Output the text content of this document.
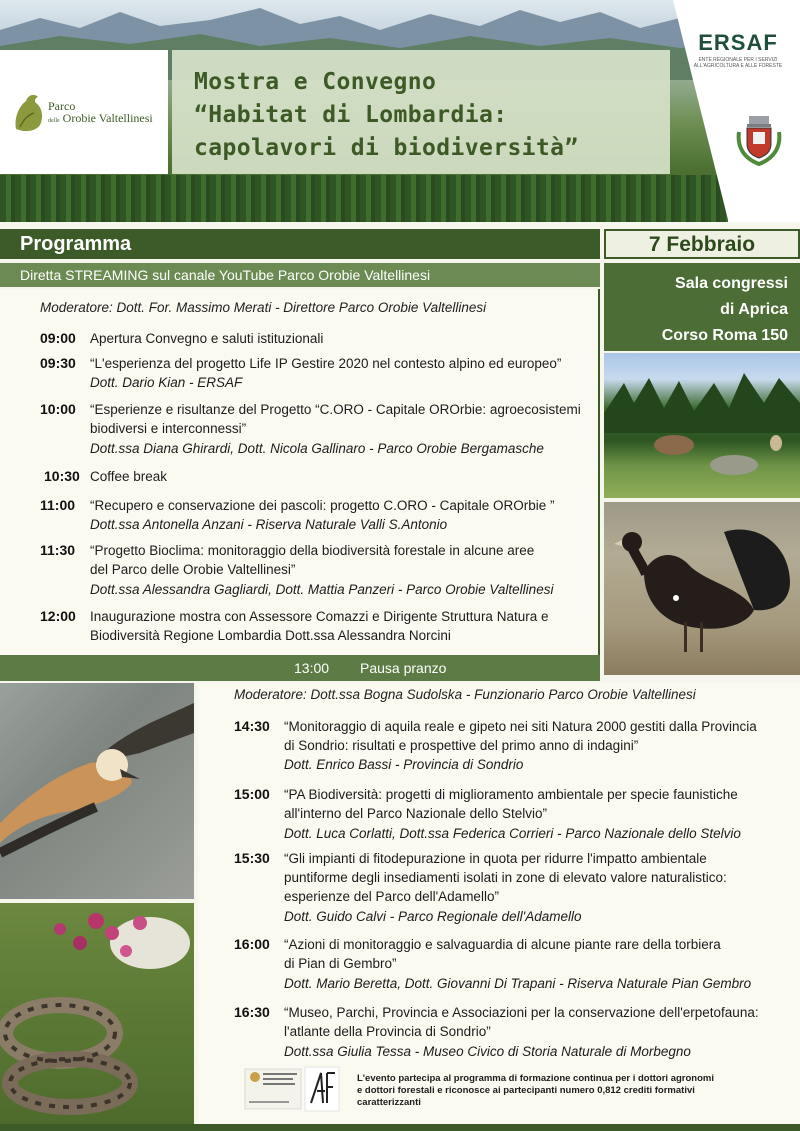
Parco
delle Orobie Valtellinesi
Mostra e Convegno
“Habitat di Lombardia:
capolavori di biodiversità”
ERSAF
ENTE REGIONALE PER I SERVIZI ALL'AGRICOLTURA E ALLE FORESTE
Programma
Diretta STREAMING sul canale YouTube Parco Orobie Valtellinesi
7 Febbraio
Sala congressi
di Aprica
Corso Roma 150
Moderatore: Dott. For. Massimo Merati - Direttore Parco Orobie Valtellinesi
09:00 Apertura Convegno e saluti istituzionali
09:30 “L'esperienza del progetto Life IP Gestire 2020 nel contesto alpino ed europeo”
Dott. Dario Kian - ERSAF
10:00 “Esperienze e risultanze del Progetto “C.ORO - Capitale OROrbie: agroecosistemi
biodiversi e interconnessi”
Dott.ssa Diana Ghirardi, Dott. Nicola Gallinaro - Parco Orobie Bergamasche
10:30 Coffee break
11:00 “Recupero e conservazione dei pascoli: progetto C.ORO - Capitale OROrbie ”
Dott.ssa Antonella Anzani - Riserva Naturale Valli S.Antonio
11:30 “Progetto Bioclima: monitoraggio della biodiversità forestale in alcune aree
del Parco delle Orobie Valtellinesi”
Dott.ssa Alessandra Gagliardi, Dott. Mattia Panzeri - Parco Orobie Valtellinesi
12:00 Inaugurazione mostra con Assessore Comazzi e Dirigente Struttura Natura e
Biodiversità Regione Lombardia Dott.ssa Alessandra Norcini
13:00 Pausa pranzo
Moderatore: Dott.ssa Bogna Sudolska - Funzionario Parco Orobie Valtellinesi
14:30 “Monitoraggio di aquila reale e gipeto nei siti Natura 2000 gestiti dalla Provincia
di Sondrio: risultati e prospettive del primo anno di indagini”
Dott. Enrico Bassi - Provincia di Sondrio
15:00 “PA Biodiversità: progetti di miglioramento ambientale per specie faunistiche
all'interno del Parco Nazionale dello Stelvio”
Dott. Luca Corlatti, Dott.ssa Federica Corrieri - Parco Nazionale dello Stelvio
15:30 “Gli impianti di fitodepurazione in quota per ridurre l'impatto ambientale
puntiforme degli insediamenti isolati in zone di elevato valore naturalistico:
esperienze del Parco dell'Adamello”
Dott. Guido Calvi - Parco Regionale dell'Adamello
16:00 “Azioni di monitoraggio e salvaguardia di alcune piante rare della torbiera
di Pian di Gembro”
Dott. Mario Beretta, Dott. Giovanni Di Trapani - Riserva Naturale Pian Gembro
16:30 “Museo, Parchi, Provincia e Associazioni per la conservazione dell'erpetofauna:
l'atlante della Provincia di Sondrio”
Dott.ssa Giulia Tessa - Museo Civico di Storia Naturale di Morbegno
L'evento partecipa al programma di formazione continua per i dottori agronomi
e dottori forestali e riconosce ai partecipanti numero 0,812 crediti formativi
caratterizzanti
